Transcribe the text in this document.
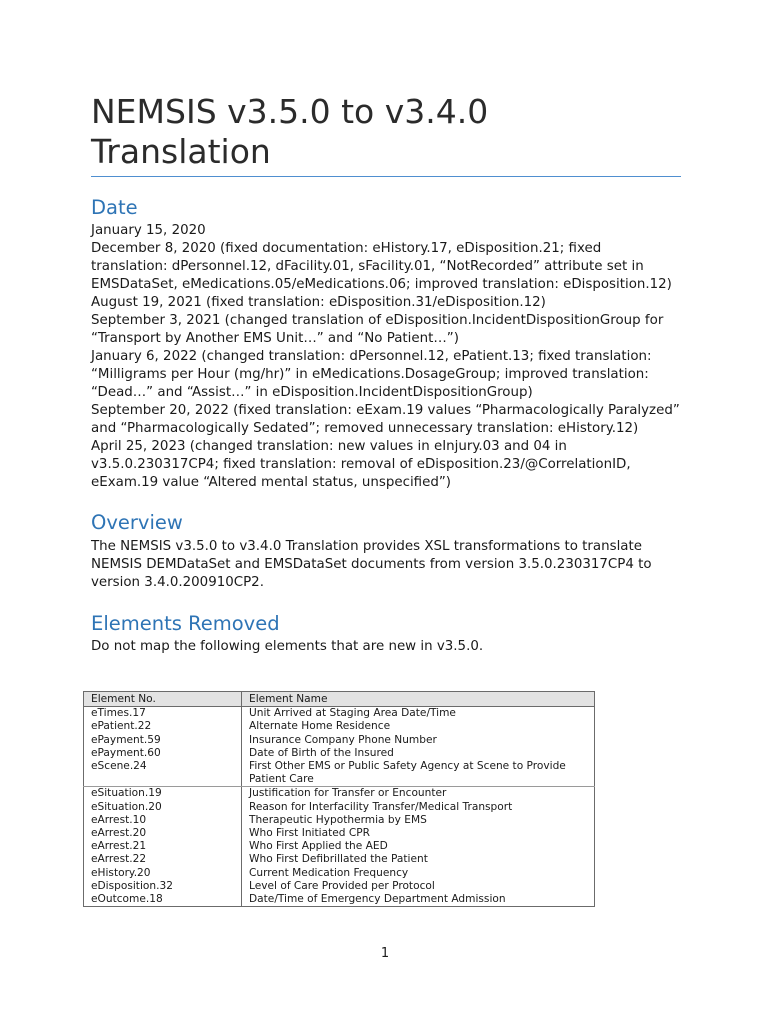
NEMSIS v3.5.0 to v3.4.0
Translation
Date

January 15, 2020

December 8, 2020 (fixed documentation: eHistory.17, eDisposition.21; fixed translation: dPersonnel.12, dFacility.01, sFacility.01, “NotRecorded” attribute set in EMSDataSet, eMedications.05/eMedications.06; improved translation: eDisposition.12)

August 19, 2021 (fixed translation: eDisposition.31/eDisposition.12)

September 3, 2021 (changed translation of eDisposition.IncidentDispositionGroup for “Transport by Another EMS Unit…” and “No Patient…”)

January 6, 2022 (changed translation: dPersonnel.12, ePatient.13; fixed translation: “Milligrams per Hour (mg/hr)” in eMedications.DosageGroup; improved translation: “Dead…” and “Assist…” in eDisposition.IncidentDispositionGroup)

September 20, 2022 (fixed translation: eExam.19 values “Pharmacologically Paralyzed” and “Pharmacologically Sedated”; removed unnecessary translation: eHistory.12)

April 25, 2023 (changed translation: new values in eInjury.03 and 04 in v3.5.0.230317CP4; fixed translation: removal of eDisposition.23/@CorrelationID, eExam.19 value “Altered mental status, unspecified”)

Overview

The NEMSIS v3.5.0 to v3.4.0 Translation provides XSL transformations to translate NEMSIS DEMDataSet and EMSDataSet documents from version 3.5.0.230317CP4 to version 3.4.0.200910CP2.

Elements Removed

Do not map the following elements that are new in v3.5.0.

Element No.	Element Name
eTimes.17	Unit Arrived at Staging Area Date/Time
ePatient.22	Alternate Home Residence
ePayment.59	Insurance Company Phone Number
ePayment.60	Date of Birth of the Insured
eScene.24	First Other EMS or Public Safety Agency at Scene to Provide Patient Care
eSituation.19	Justification for Transfer or Encounter
eSituation.20	Reason for Interfacility Transfer/Medical Transport
eArrest.10	Therapeutic Hypothermia by EMS
eArrest.20	Who First Initiated CPR
eArrest.21	Who First Applied the AED
eArrest.22	Who First Defibrillated the Patient
eHistory.20	Current Medication Frequency
eDisposition.32	Level of Care Provided per Protocol
eOutcome.18	Date/Time of Emergency Department Admission
1
